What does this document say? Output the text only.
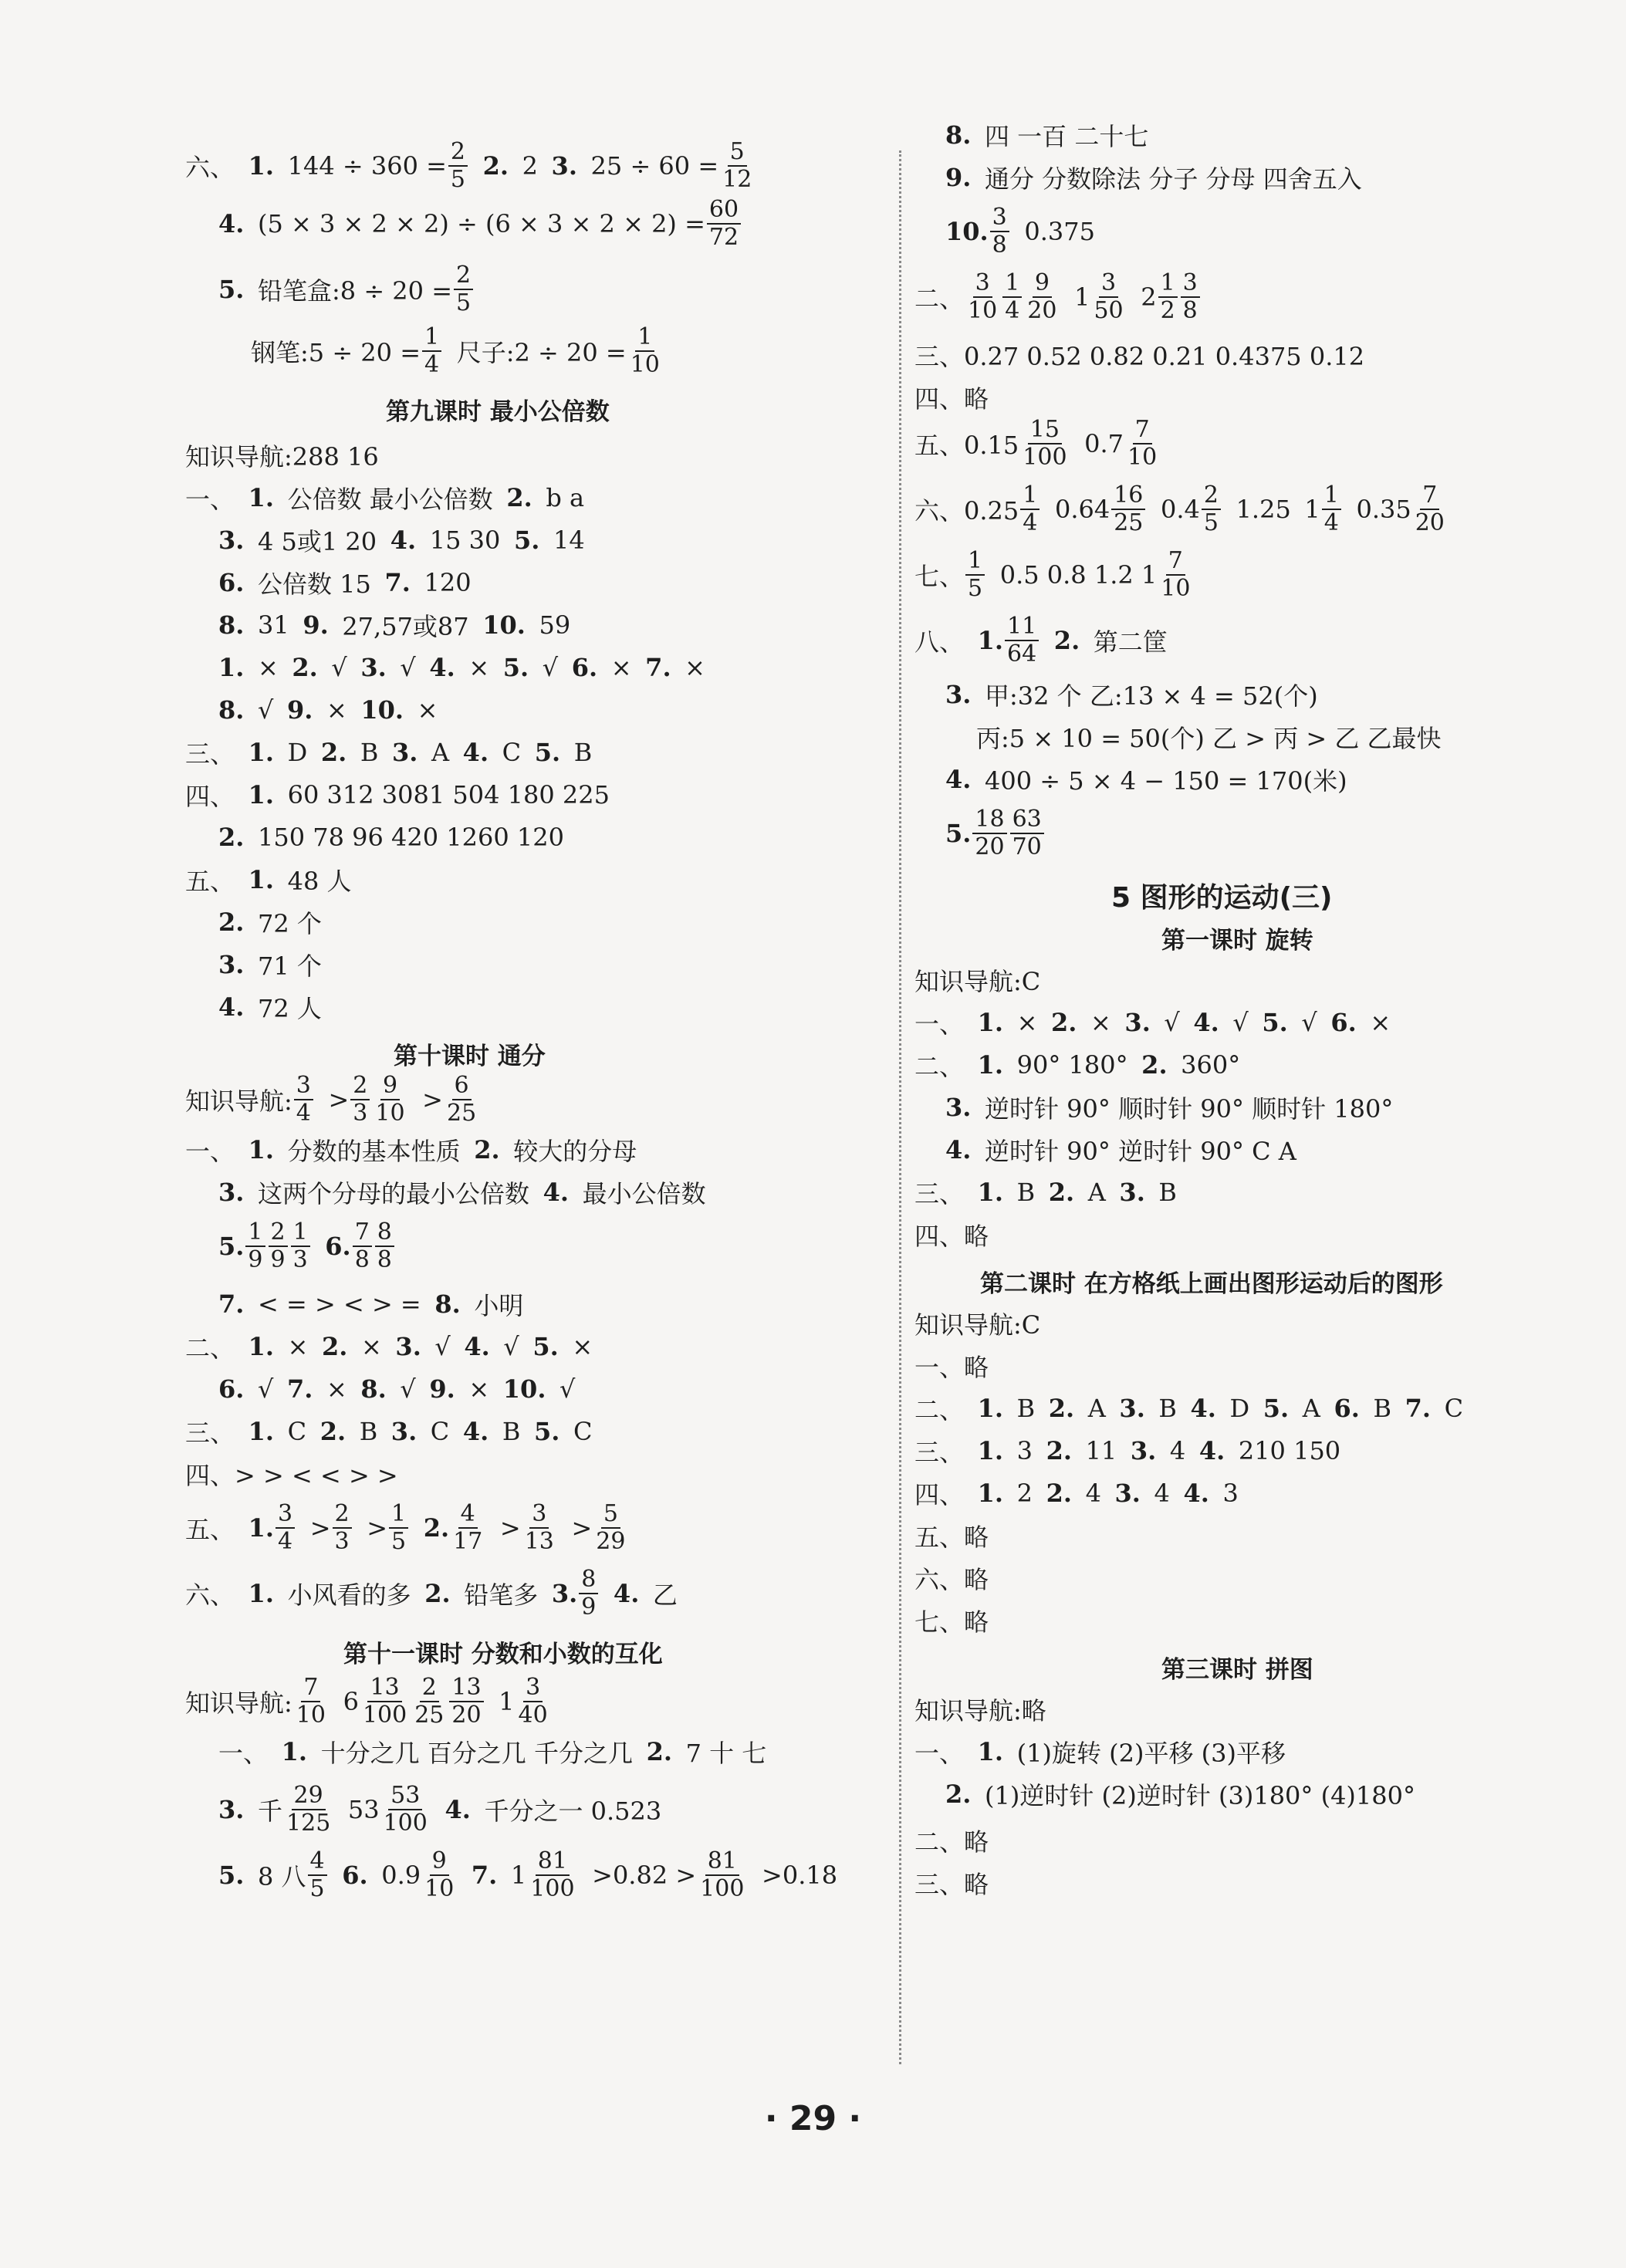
六、 1. $144 \div 360 = \frac{2}{5} 2$. 2 3. $25 \div 60 = \frac{5}{12}$
4. $(5 \times 3 \times 2 \times 2) \div (6 \times 3 \times 2 \times 2) = \frac{60}{72}$
5. 铅笔盒:8 ÷ $20 = \frac{2}{5}$
钢笔:5 ÷ $20 = \frac{1}{4}$ 尺子:2 ÷ $20 = \frac{1}{10}$
第九课时 最小公倍数
知识导航:288 16
一、 1. 公倍数 最小公倍数 2. b a
3. 4 5或1 20 4. 15 30 5. 14
6. 公倍数 15 7. 120
8. 31 9. 27,57或87 10. 59
1. × 2. √ 3. √ 4. × 5. √ 6. × 7. ×
8. √ 9. × 10. ×
三、 1. D 2. B 3. A 4. C 5. B
四、 1. 60 312 3081 504 180 225
2. 150 78 96 420 1260 120
五、 1. 48 人
2. 72 个
3. 71 个
4. 72 人
第十课时 通分
知识导航: $\frac{3}{4} > \frac{2}{3} \frac{9}{10} > \frac{6}{25}$
一、 1. 分数的基本性质 2. 较大的分母
3. 这两个分母的最小公倍数 4. 最小公倍数
5. $\frac{1}{9} \frac{2}{9} \frac{1}{3} 6$. $\frac{7}{8} \frac{8}{8}$
7. < = > < > = 8. 小明
二、 1. × 2. × 3. √ 4. √ 5. ×
6. √ 7. × 8. √ 9. × 10. √
三、 1. C 2. B 3. C 4. B 5. C
四、> > < < > >
五、 1. $\frac{3}{4} > \frac{2}{3} > \frac{1}{5} 2$. $\frac{4}{17} > \frac{3}{13} > \frac{5}{29}$
六、 1. 小风看的多 2. 铅笔多 3. $\frac{8}{9} 4$. 乙
第十一课时 分数和小数的互化
知识导航: $\frac{7}{10} 6 \frac{13}{100} \frac{2}{25} \frac{13}{20} 1 \frac{3}{40}$
一、 1. 十分之几 百分之几 千分之几 2. 7 十 七
3. 千 $\frac{29}{125} 53 \frac{53}{100} 4$. 千分之一 0.523
5. 8 八 $\frac{4}{5} 6$. $0.9 \frac{9}{10} 7$. $1 \frac{81}{100} >0.82 > \frac{81}{100} >0.18$
8. 四 一百 二十七
9. 通分 分数除法 分子 分母 四舍五入
10. $\frac{3}{8} 0.375$
二、 $\frac{3}{10} \frac{1}{4} \frac{9}{20} 1 \frac{3}{50} 2 \frac{1}{2} \frac{3}{8}$
三、0.27 0.52 0.82 0.21 0.4375 0.12
四、略
五、$0.15 \frac{15}{100} 0.7 \frac{7}{10}$
六、$0.25 \frac{1}{4} 0.64 \frac{16}{25} 0.4 \frac{2}{5} 1.25$ $1 \frac{1}{4} 0.35 \frac{7}{20}$
七、 $\frac{1}{5} 0.5$ 0.8 1.2 $1 \frac{7}{10}$
八、 1. $\frac{11}{64} 2$. 第二筐
3. 甲:32 个 乙:13 × 4 = 52(个)
丙:5 × 10 = 50(个) 乙 > 丙 > 乙 乙最快
4. 400 ÷ 5 × 4 − 150 = 170(米)
5. $\frac{18}{20} \frac{63}{70}$
5 图形的运动(三)
第一课时 旋转
知识导航:C
一、 1. × 2. × 3. √ 4. √ 5. √ 6. ×
二、 1. 90° 180° 2. 360°
3. 逆时针 90° 顺时针 90° 顺时针 180°
4. 逆时针 90° 逆时针 90° C A
三、 1. B 2. A 3. B
四、略
第二课时 在方格纸上画出图形运动后的图形
知识导航:C
一、略
二、 1. B 2. A 3. B 4. D 5. A 6. B 7. C
三、 1. 3 2. 11 3. 4 4. 210 150
四、 1. 2 2. 4 3. 4 4. 3
五、略
六、略
七、略
第三课时 拼图
知识导航:略
一、 1. (1)旋转 (2)平移 (3)平移
2. (1)逆时针 (2)逆时针 (3)180° (4)180°
二、略
三、略
· 29 ·
